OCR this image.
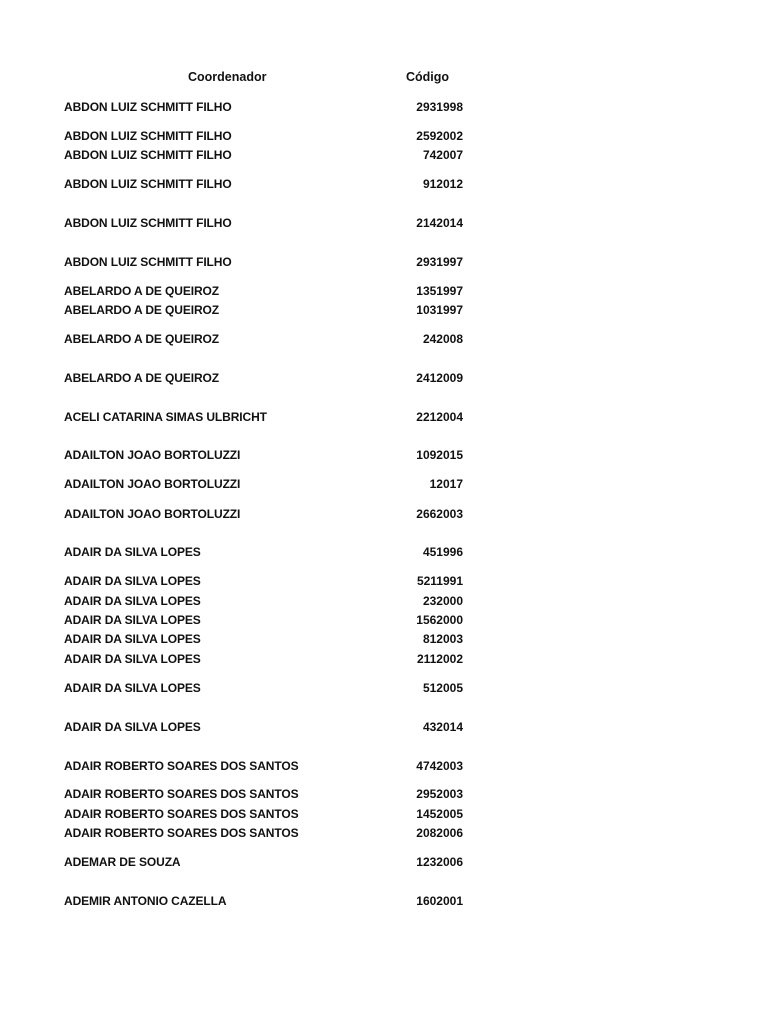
Coordenador	Código
ABDON LUIZ SCHMITT FILHO	2931998
ABDON LUIZ SCHMITT FILHO	2592002
ABDON LUIZ SCHMITT FILHO	742007
ABDON LUIZ SCHMITT FILHO	912012
ABDON LUIZ SCHMITT FILHO	2142014
ABDON LUIZ SCHMITT FILHO	2931997
ABELARDO A DE QUEIROZ	1351997
ABELARDO A DE QUEIROZ	1031997
ABELARDO A DE QUEIROZ	242008
ABELARDO A DE QUEIROZ	2412009
ACELI CATARINA SIMAS ULBRICHT	2212004
ADAILTON JOAO BORTOLUZZI	1092015
ADAILTON JOAO BORTOLUZZI	12017
ADAILTON JOAO BORTOLUZZI	2662003
ADAIR DA SILVA LOPES	451996
ADAIR DA SILVA LOPES	5211991
ADAIR DA SILVA LOPES	232000
ADAIR DA SILVA LOPES	1562000
ADAIR DA SILVA LOPES	812003
ADAIR DA SILVA LOPES	2112002
ADAIR DA SILVA LOPES	512005
ADAIR DA SILVA LOPES	432014
ADAIR ROBERTO SOARES DOS SANTOS	4742003
ADAIR ROBERTO SOARES DOS SANTOS	2952003
ADAIR ROBERTO SOARES DOS SANTOS	1452005
ADAIR ROBERTO SOARES DOS SANTOS	2082006
ADEMAR DE SOUZA	1232006
ADEMIR ANTONIO CAZELLA	1602001
